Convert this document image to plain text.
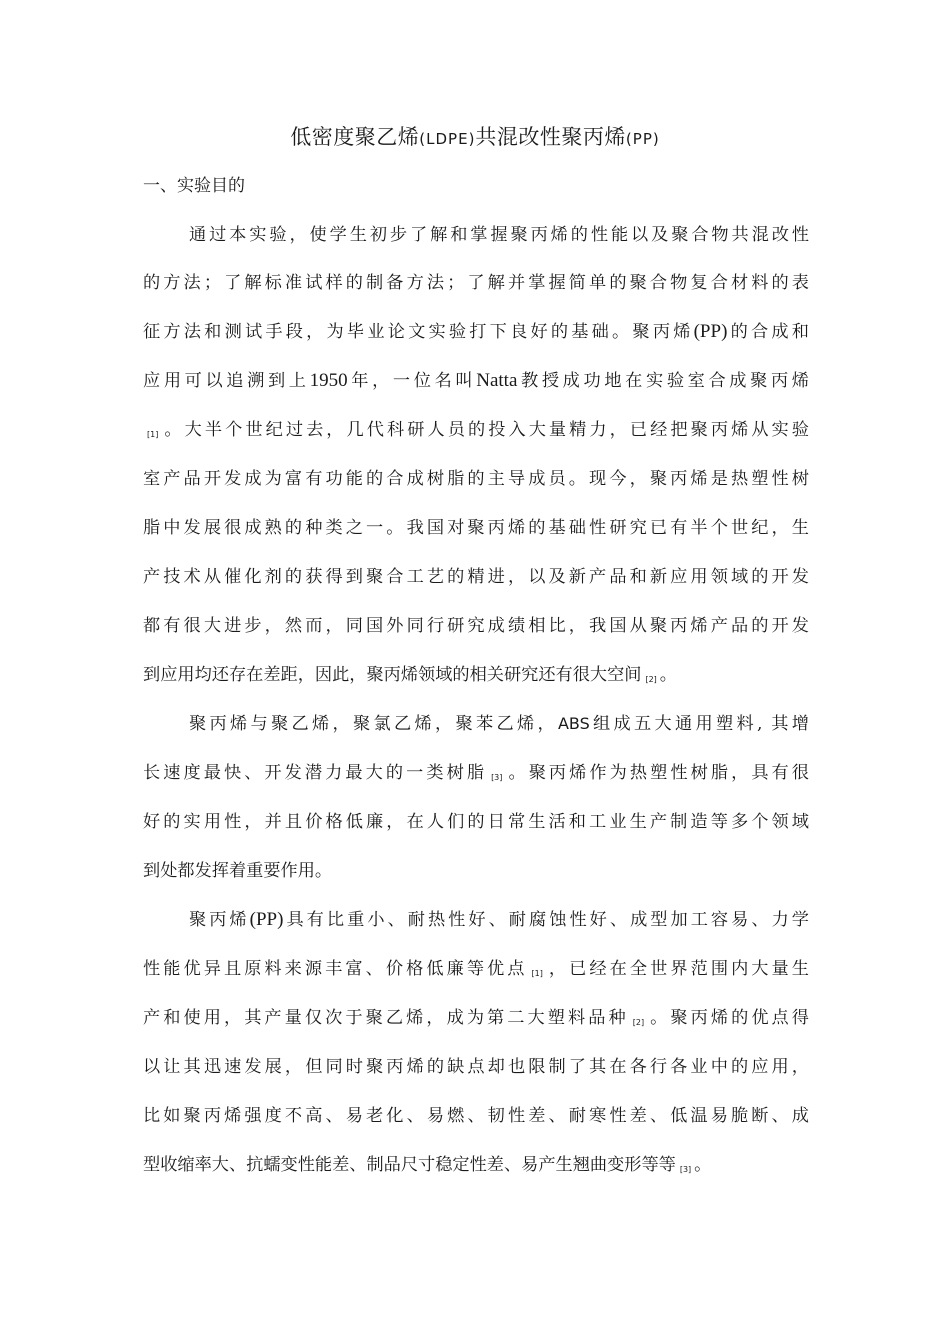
低密度聚乙烯(LDPE)共混改性聚丙烯(PP)
一、实验目的
通过本实验，使学生初步了解和掌握聚丙烯的性能以及聚合物共混改性
的方法；了解标准试样的制备方法；了解并掌握简单的聚合物复合材料的表
征方法和测试手段，为毕业论文实验打下良好的基础。聚丙烯(PP)的合成和
应用可以追溯到上1950年，一位名叫Natta教授成功地在实验室合成聚丙烯
[1] 。大半个世纪过去，几代科研人员的投入大量精力，已经把聚丙烯从实验
室产品开发成为富有功能的合成树脂的主导成员。现今，聚丙烯是热塑性树
脂中发展很成熟的种类之一。我国对聚丙烯的基础性研究已有半个世纪，生
产技术从催化剂的获得到聚合工艺的精进，以及新产品和新应用领域的开发
都有很大进步，然而，同国外同行研究成绩相比，我国从聚丙烯产品的开发
到应用均还存在差距，因此，聚丙烯领域的相关研究还有很大空间 [2] 。
聚丙烯与聚乙烯，聚氯乙烯，聚苯乙烯，ABS组成五大通用塑料, 其增
长速度最快、开发潜力最大的一类树脂 [3] 。聚丙烯作为热塑性树脂，具有很
好的实用性，并且价格低廉，在人们的日常生活和工业生产制造等多个领域
到处都发挥着重要作用。
聚丙烯(PP)具有比重小、耐热性好、耐腐蚀性好、成型加工容易、力学
性能优异且原料来源丰富、价格低廉等优点 [1] ，已经在全世界范围内大量生
产和使用，其产量仅次于聚乙烯，成为第二大塑料品种 [2] 。聚丙烯的优点得
以让其迅速发展，但同时聚丙烯的缺点却也限制了其在各行各业中的应用，
比如聚丙烯强度不高、易老化、易燃、韧性差、耐寒性差、低温易脆断、成
型收缩率大、抗蠕变性能差、制品尺寸稳定性差、易产生翘曲变形等等 [3] 。
